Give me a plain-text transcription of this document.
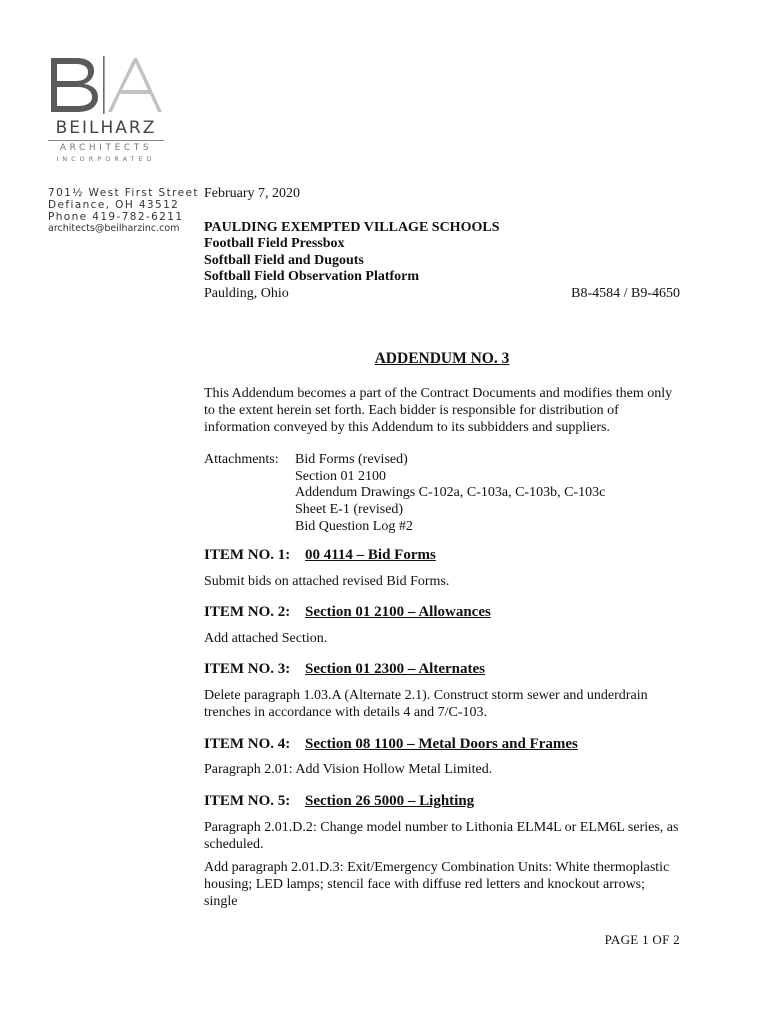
BEILHARZ
ARCHITECTS
INCORPORATED
701½ West First Street
Defiance, OH 43512
Phone 419-782-6211
architects@beilharzinc.com
February 7, 2020
PAULDING EXEMPTED VILLAGE SCHOOLS
Football Field Pressbox
Softball Field and Dugouts
Softball Field Observation Platform
Paulding, Ohio	B8-4584 / B9-4650
ADDENDUM NO. 3
This Addendum becomes a part of the Contract Documents and modifies them only to the extent herein set forth. Each bidder is responsible for distribution of information conveyed by this Addendum to its subbidders and suppliers.
Attachments: Bid Forms (revised)
Section 01 2100
Addendum Drawings C-102a, C-103a, C-103b, C-103c
Sheet E-1 (revised)
Bid Question Log #2
ITEM NO. 1: 00 4114 – Bid Forms
Submit bids on attached revised Bid Forms.
ITEM NO. 2: Section 01 2100 – Allowances
Add attached Section.
ITEM NO. 3: Section 01 2300 – Alternates
Delete paragraph 1.03.A (Alternate 2.1). Construct storm sewer and underdrain trenches in accordance with details 4 and 7/C-103.
ITEM NO. 4: Section 08 1100 – Metal Doors and Frames
Paragraph 2.01: Add Vision Hollow Metal Limited.
ITEM NO. 5: Section 26 5000 – Lighting
Paragraph 2.01.D.2: Change model number to Lithonia ELM4L or ELM6L series, as scheduled.
Add paragraph 2.01.D.3: Exit/Emergency Combination Units: White thermoplastic housing; LED lamps; stencil face with diffuse red letters and knockout arrows; single
PAGE 1 OF 2
